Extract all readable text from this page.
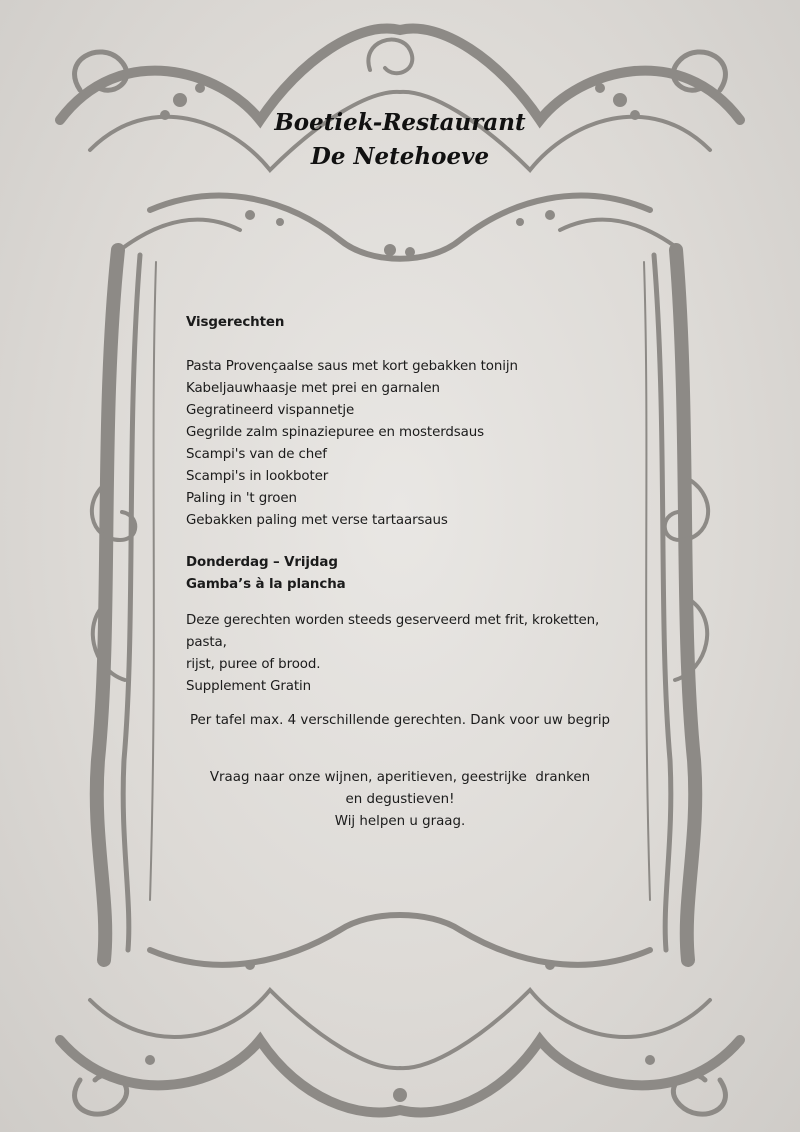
Boetiek-Restaurant
De Netehoeve
Visgerechten
Pasta Provençaalse saus met kort gebakken tonijn
Kabeljauwhaasje met prei en garnalen
Gegratineerd vispannetje
Gegrilde zalm spinaziepuree en mosterdsaus
Scampi's van de chef
Scampi's in lookboter
Paling in 't groen
Gebakken paling met verse tartaarsaus
Donderdag – Vrijdag
Gamba’s à la plancha
Deze gerechten worden steeds geserveerd met frit, kroketten, pasta,
rijst, puree of brood.
Supplement Gratin
Per tafel max. 4 verschillende gerechten. Dank voor uw begrip
Vraag naar onze wijnen, aperitieven, geestrijke  dranken
en degustieven!
Wij helpen u graag.
